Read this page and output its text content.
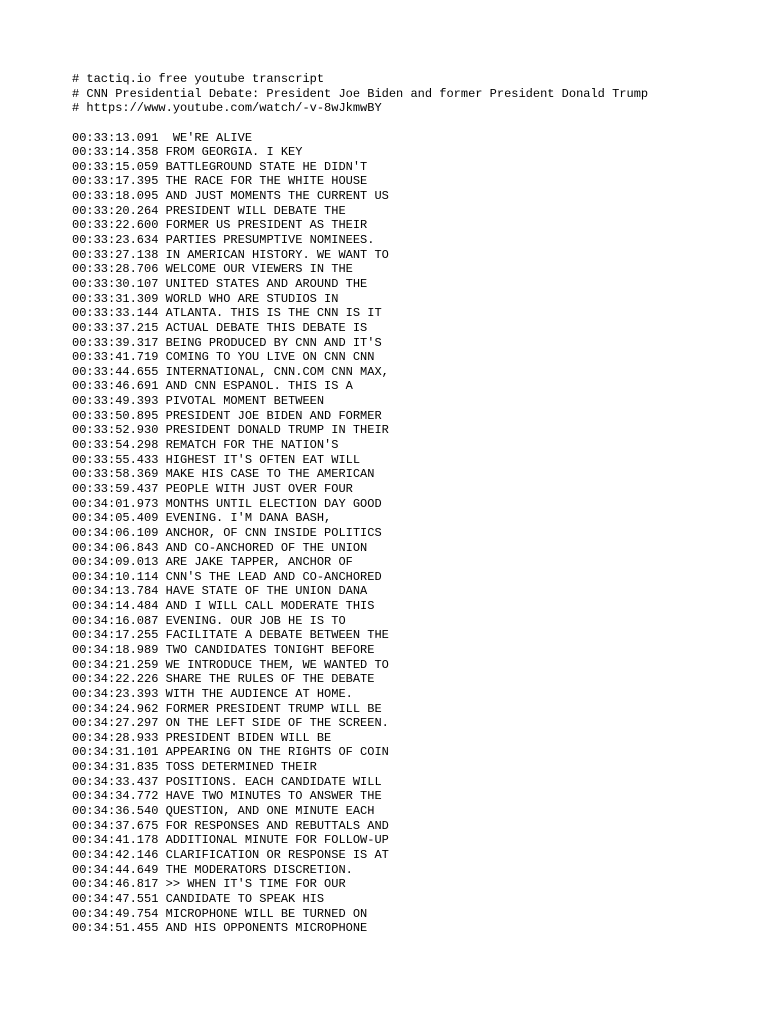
# tactiq.io free youtube transcript
# CNN Presidential Debate: President Joe Biden and former President Donald Trump
# https://www.youtube.com/watch/-v-8wJkmwBY
00:33:13.091  WE'RE ALIVE
00:33:14.358 FROM GEORGIA. I KEY
00:33:15.059 BATTLEGROUND STATE HE DIDN'T
00:33:17.395 THE RACE FOR THE WHITE HOUSE
00:33:18.095 AND JUST MOMENTS THE CURRENT US
00:33:20.264 PRESIDENT WILL DEBATE THE
00:33:22.600 FORMER US PRESIDENT AS THEIR
00:33:23.634 PARTIES PRESUMPTIVE NOMINEES.
00:33:27.138 IN AMERICAN HISTORY. WE WANT TO
00:33:28.706 WELCOME OUR VIEWERS IN THE
00:33:30.107 UNITED STATES AND AROUND THE
00:33:31.309 WORLD WHO ARE STUDIOS IN
00:33:33.144 ATLANTA. THIS IS THE CNN IS IT
00:33:37.215 ACTUAL DEBATE THIS DEBATE IS
00:33:39.317 BEING PRODUCED BY CNN AND IT'S
00:33:41.719 COMING TO YOU LIVE ON CNN CNN
00:33:44.655 INTERNATIONAL, CNN.COM CNN MAX,
00:33:46.691 AND CNN ESPANOL. THIS IS A
00:33:49.393 PIVOTAL MOMENT BETWEEN
00:33:50.895 PRESIDENT JOE BIDEN AND FORMER
00:33:52.930 PRESIDENT DONALD TRUMP IN THEIR
00:33:54.298 REMATCH FOR THE NATION'S
00:33:55.433 HIGHEST IT'S OFTEN EAT WILL
00:33:58.369 MAKE HIS CASE TO THE AMERICAN
00:33:59.437 PEOPLE WITH JUST OVER FOUR
00:34:01.973 MONTHS UNTIL ELECTION DAY GOOD
00:34:05.409 EVENING. I'M DANA BASH,
00:34:06.109 ANCHOR, OF CNN INSIDE POLITICS
00:34:06.843 AND CO-ANCHORED OF THE UNION
00:34:09.013 ARE JAKE TAPPER, ANCHOR OF
00:34:10.114 CNN'S THE LEAD AND CO-ANCHORED
00:34:13.784 HAVE STATE OF THE UNION DANA
00:34:14.484 AND I WILL CALL MODERATE THIS
00:34:16.087 EVENING. OUR JOB HE IS TO
00:34:17.255 FACILITATE A DEBATE BETWEEN THE
00:34:18.989 TWO CANDIDATES TONIGHT BEFORE
00:34:21.259 WE INTRODUCE THEM, WE WANTED TO
00:34:22.226 SHARE THE RULES OF THE DEBATE
00:34:23.393 WITH THE AUDIENCE AT HOME.
00:34:24.962 FORMER PRESIDENT TRUMP WILL BE
00:34:27.297 ON THE LEFT SIDE OF THE SCREEN.
00:34:28.933 PRESIDENT BIDEN WILL BE
00:34:31.101 APPEARING ON THE RIGHTS OF COIN
00:34:31.835 TOSS DETERMINED THEIR
00:34:33.437 POSITIONS. EACH CANDIDATE WILL
00:34:34.772 HAVE TWO MINUTES TO ANSWER THE
00:34:36.540 QUESTION, AND ONE MINUTE EACH
00:34:37.675 FOR RESPONSES AND REBUTTALS AND
00:34:41.178 ADDITIONAL MINUTE FOR FOLLOW-UP
00:34:42.146 CLARIFICATION OR RESPONSE IS AT
00:34:44.649 THE MODERATORS DISCRETION.
00:34:46.817 >> WHEN IT'S TIME FOR OUR
00:34:47.551 CANDIDATE TO SPEAK HIS
00:34:49.754 MICROPHONE WILL BE TURNED ON
00:34:51.455 AND HIS OPPONENTS MICROPHONE
